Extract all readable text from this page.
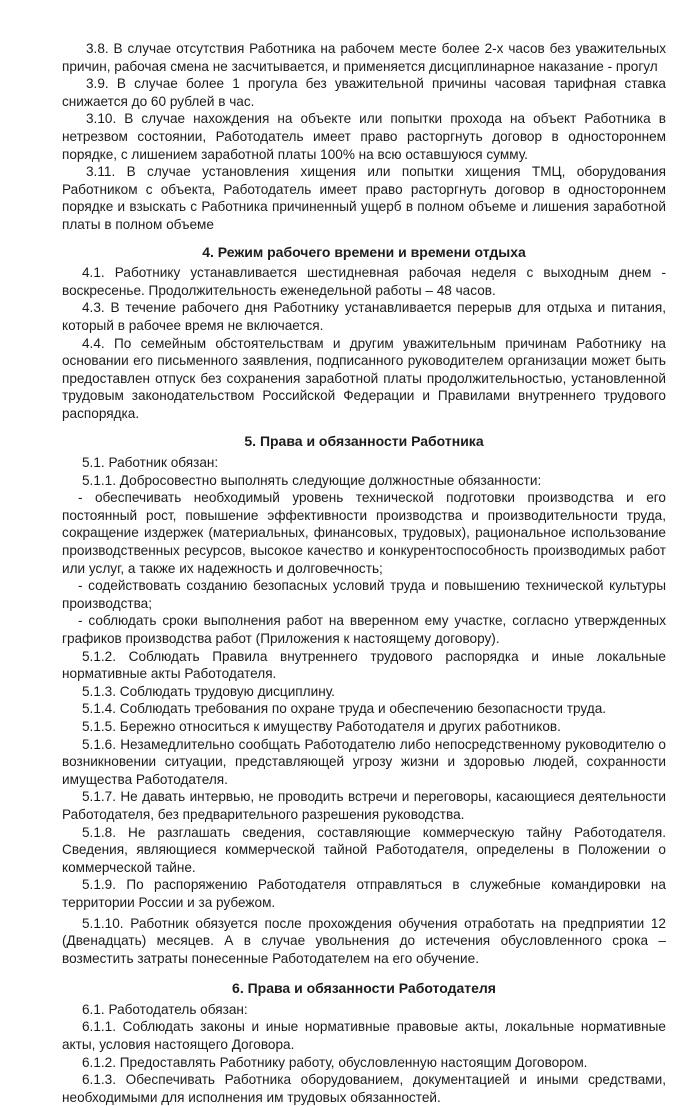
3.8. В случае отсутствия Работника на рабочем месте более 2-х часов без уважительных причин, рабочая смена не засчитывается, и применяется дисциплинарное наказание - прогул

3.9. В случае более 1 прогула без уважительной причины часовая тарифная ставка снижается до 60 рублей в час.

3.10. В случае нахождения на объекте или попытки прохода на объект Работника в нетрезвом состоянии, Работодатель имеет право расторгнуть договор в одностороннем порядке, с лишением заработной платы 100% на всю оставшуюся сумму.

3.11. В случае установления хищения или попытки хищения ТМЦ, оборудования Работником с объекта, Работодатель имеет право расторгнуть договор в одностороннем порядке и взыскать с Работника причиненный ущерб в полном объеме и лишения заработной платы в полном объеме

4. Режим рабочего времени и времени отдыха

4.1. Работнику устанавливается шестидневная рабочая неделя с выходным днем - воскресенье. Продолжительность еженедельной работы – 48 часов.

4.3. В течение рабочего дня Работнику устанавливается перерыв для отдыха и питания, который в рабочее время не включается.

4.4. По семейным обстоятельствам и другим уважительным причинам Работнику на основании его письменного заявления, подписанного руководителем организации может быть предоставлен отпуск без сохранения заработной платы продолжительностью, установленной трудовым законодательством Российской Федерации и Правилами внутреннего трудового распорядка.

5. Права и обязанности Работника

5.1. Работник обязан:

5.1.1. Добросовестно выполнять следующие должностные обязанности:

- обеспечивать необходимый уровень технической подготовки производства и его постоянный рост, повышение эффективности производства и производительности труда, сокращение издержек (материальных, финансовых, трудовых), рациональное использование производственных ресурсов, высокое качество и конкурентоспособность производимых работ или услуг, а также их надежность и долговечность;

- содействовать созданию безопасных условий труда и повышению технической культуры производства;

- соблюдать сроки выполнения работ на вверенном ему участке, согласно утвержденных графиков производства работ (Приложения к настоящему договору).

5.1.2. Соблюдать Правила внутреннего трудового распорядка и иные локальные нормативные акты Работодателя.

5.1.3. Соблюдать трудовую дисциплину.

5.1.4. Соблюдать требования по охране труда и обеспечению безопасности труда.

5.1.5. Бережно относиться к имуществу Работодателя и других работников.

5.1.6. Незамедлительно сообщать Работодателю либо непосредственному руководителю о возникновении ситуации, представляющей угрозу жизни и здоровью людей, сохранности имущества Работодателя.

5.1.7. Не давать интервью, не проводить встречи и переговоры, касающиеся деятельности Работодателя, без предварительного разрешения руководства.

5.1.8. Не разглашать сведения, составляющие коммерческую тайну Работодателя. Сведения, являющиеся коммерческой тайной Работодателя, определены в Положении о коммерческой тайне.

5.1.9. По распоряжению Работодателя отправляться в служебные командировки на территории России и за рубежом.

5.1.10. Работник обязуется после прохождения обучения отработать на предприятии 12 (Двенадцать) месяцев. А в случае увольнения до истечения обусловленного срока – возместить затраты понесенные Работодателем на его обучение.

6. Права и обязанности Работодателя

6.1. Работодатель обязан:

6.1.1. Соблюдать законы и иные нормативные правовые акты, локальные нормативные акты, условия настоящего Договора.

6.1.2. Предоставлять Работнику работу, обусловленную настоящим Договором.

6.1.3. Обеспечивать Работника оборудованием, документацией и иными средствами, необходимыми для исполнения им трудовых обязанностей.
